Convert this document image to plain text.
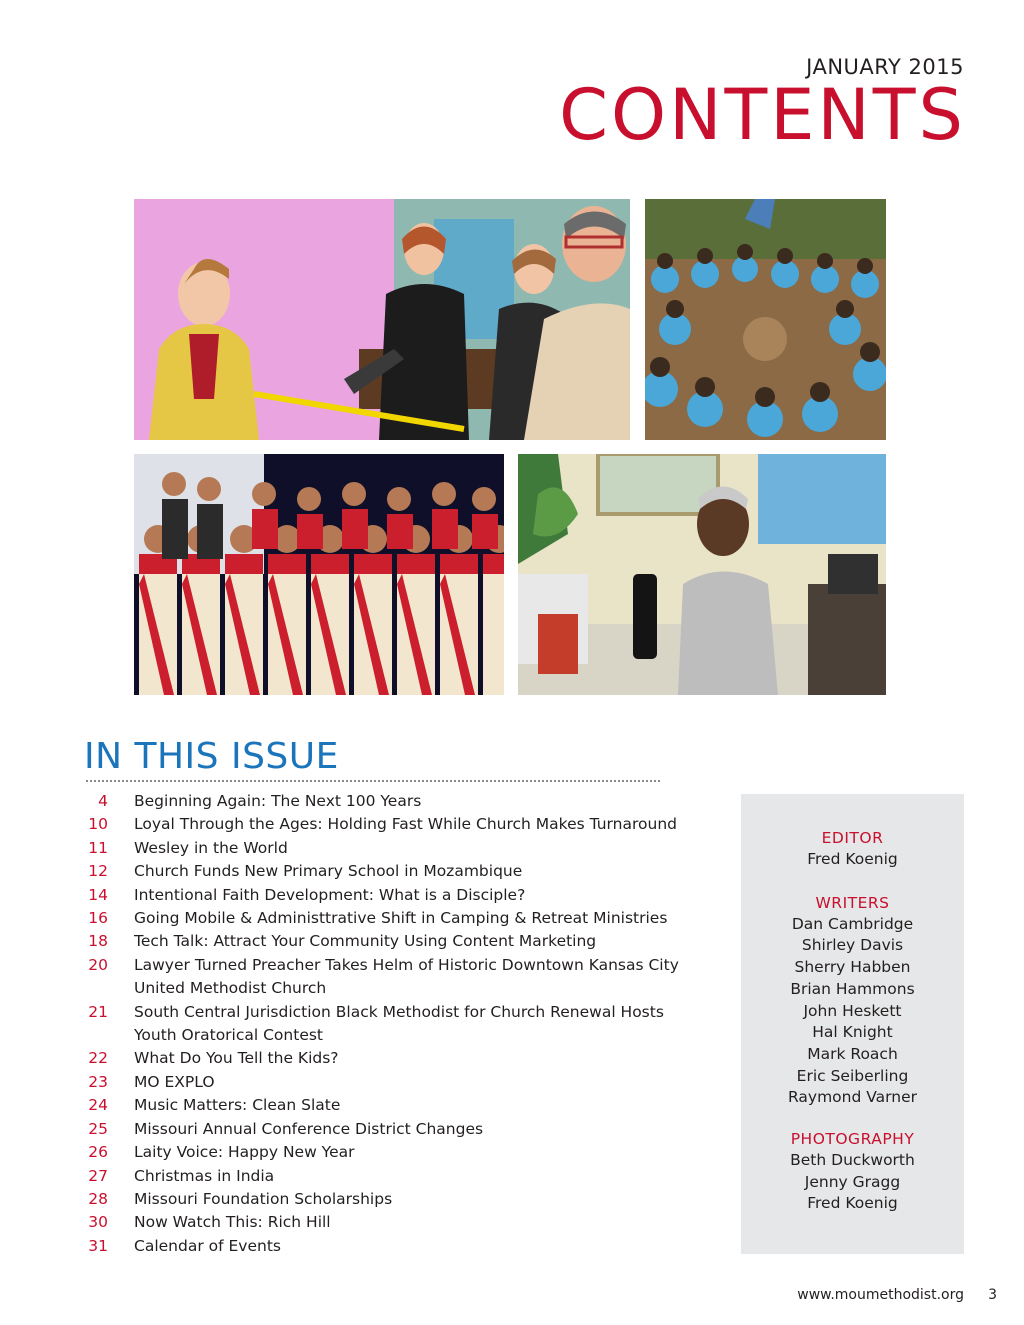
JANUARY 2015
CONTENTS
IN THIS ISSUE
4 Beginning Again: The Next 100 Years
10 Loyal Through the Ages: Holding Fast While Church Makes Turnaround
11 Wesley in the World
12 Church Funds New Primary School in Mozambique
14 Intentional Faith Development: What is a Disciple?
16 Going Mobile & Administtrative Shift in Camping & Retreat Ministries
18 Tech Talk: Attract Your Community Using Content Marketing
20 Lawyer Turned Preacher Takes Helm of Historic Downtown Kansas City
United Methodist Church
21 South Central Jurisdiction Black Methodist for Church Renewal Hosts
Youth Oratorical Contest
22 What Do You Tell the Kids?
23 MO EXPLO
24 Music Matters: Clean Slate
25 Missouri Annual Conference District Changes
26 Laity Voice: Happy New Year
27 Christmas in India
28 Missouri Foundation Scholarships
30 Now Watch This: Rich Hill
31 Calendar of Events
EDITOR
Fred Koenig
WRITERS
Dan Cambridge
Shirley Davis
Sherry Habben
Brian Hammons
John Heskett
Hal Knight
Mark Roach
Eric Seiberling
Raymond Varner
PHOTOGRAPHY
Beth Duckworth
Jenny Gragg
Fred Koenig
www.moumethodist.org 3
